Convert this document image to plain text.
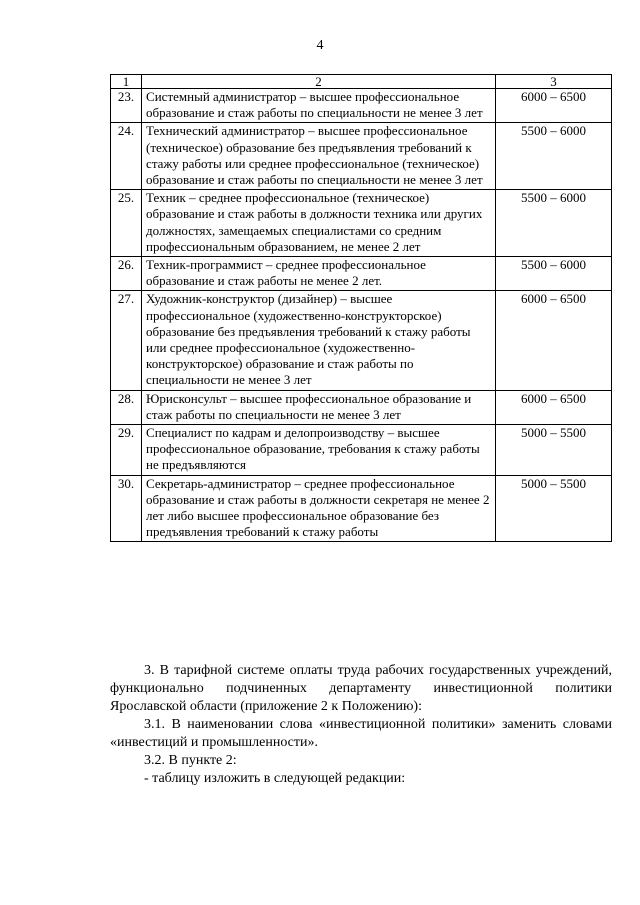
4
1	2	3
23.	Системный администратор – высшее профессиональное образование и стаж работы по специальности не менее 3 лет	6000 – 6500
24.	Технический администратор – высшее профессиональное (техническое) образование без предъявления требований к стажу работы или среднее профессиональное (техническое) образование и стаж работы по специальности не менее 3 лет	5500 – 6000
25.	Техник – среднее профессиональное (техническое) образование и стаж работы в должности техника или других должностях, замещаемых специалистами со средним профессиональным образованием, не менее 2 лет	5500 – 6000
26.	Техник-программист – среднее профессиональное образование и стаж работы не менее 2 лет.	5500 – 6000
27.	Художник-конструктор (дизайнер) – высшее профессиональное (художественно-конструкторское) образование без предъявления требований к стажу работы или среднее профессиональное (художественно-конструкторское) образование и стаж работы по специальности не менее 3 лет	6000 – 6500
28.	Юрисконсульт – высшее профессиональное образование и стаж работы по специальности не менее 3 лет	6000 – 6500
29.	Специалист по кадрам и делопроизводству – высшее профессиональное образование, требования к стажу работы не предъявляются	5000 – 5500
30.	Секретарь-администратор – среднее профессиональное образование и стаж работы в должности секретаря не менее 2 лет либо высшее профессиональное образование без предъявления требований к стажу работы	5000 – 5500

3. В тарифной системе оплаты труда рабочих государственных учреждений, функционально подчиненных департаменту инвестиционной политики Ярославской области (приложение 2 к Положению):

3.1. В наименовании слова «инвестиционной политики» заменить словами «инвестиций и промышленности».

3.2. В пункте 2:

- таблицу изложить в следующей редакции:
